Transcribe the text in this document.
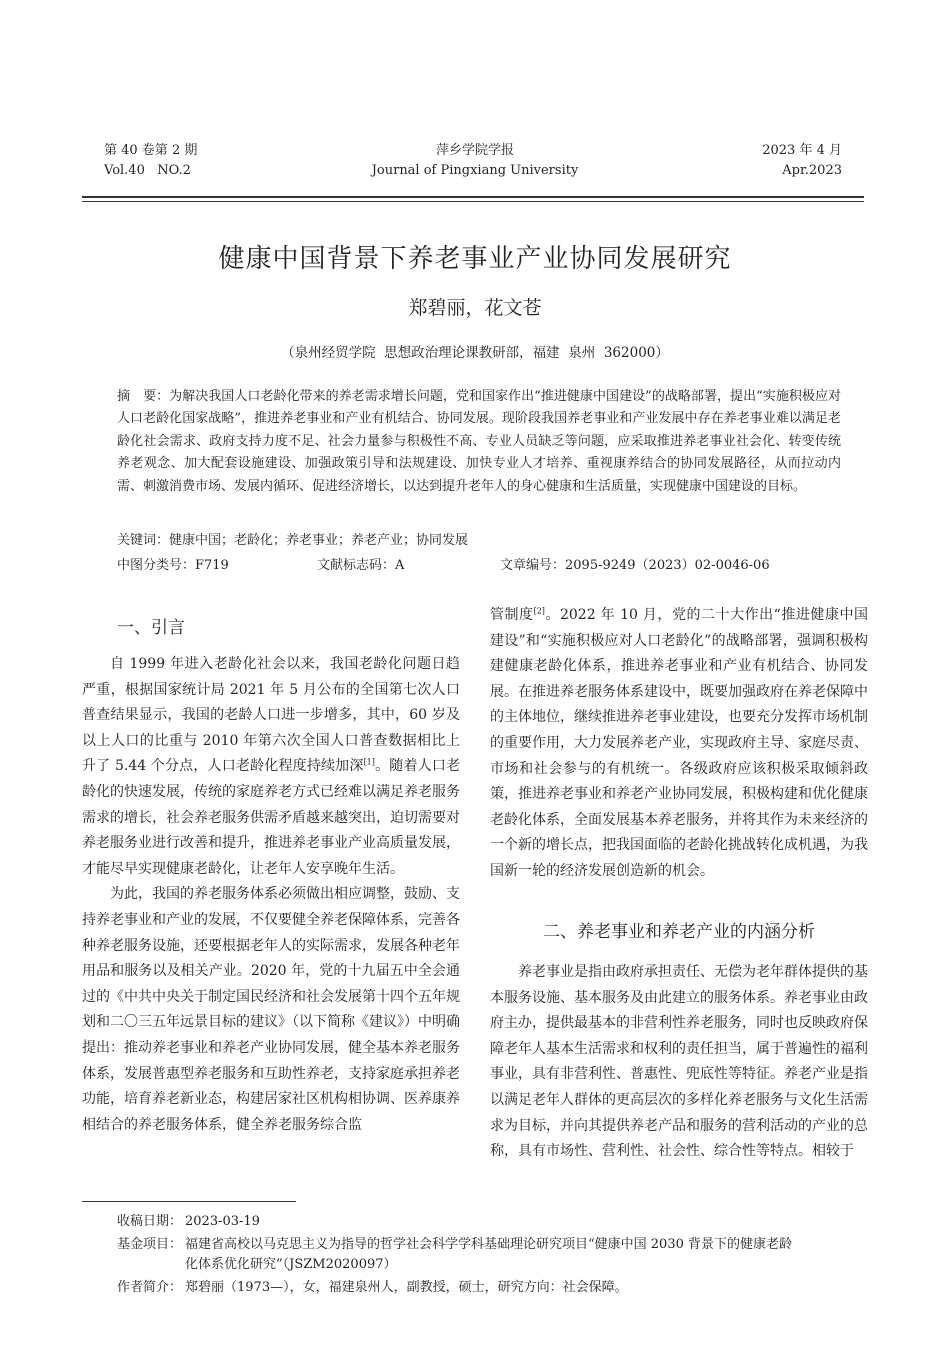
第 40 卷第 2 期
Vol.40   NO.2
萍乡学院学报
Journal of Pingxiang University
2023 年 4 月
Apr.2023
健康中国背景下养老事业产业协同发展研究
郑碧丽，花文苍
（泉州经贸学院  思想政治理论课教研部，福建  泉州  362000）

摘　要：为解决我国人口老龄化带来的养老需求增长问题，党和国家作出“推进健康中国建设”的战略部署，提出“实施积极应对人口老龄化国家战略”，推进养老事业和产业有机结合、协同发展。现阶段我国养老事业和产业发展中存在养老事业难以满足老龄化社会需求、政府支持力度不足、社会力量参与积极性不高、专业人员缺乏等问题，应采取推进养老事业社会化、转变传统养老观念、加大配套设施建设、加强政策引导和法规建设、加快专业人才培养、重视康养结合的协同发展路径，从而拉动内需、刺激消费市场、发展内循环、促进经济增长，以达到提升老年人的身心健康和生活质量，实现健康中国建设的目标。

关键词：健康中国；老龄化；养老事业；养老产业；协同发展
中图分类号：F719	文献标志码：A	文章编号：2095-9249（2023）02-0046-06
一、引言

自 1999 年进入老龄化社会以来，我国老龄化问题日趋严重，根据国家统计局 2021 年 5 月公布的全国第七次人口普查结果显示，我国的老龄人口进一步增多，其中，60 岁及以上人口的比重与 2010 年第六次全国人口普查数据相比上升了 5.44 个分点，人口老龄化程度持续加深[1]。随着人口老龄化的快速发展，传统的家庭养老方式已经难以满足养老服务需求的增长，社会养老服务供需矛盾越来越突出，迫切需要对养老服务业进行改善和提升，推进养老事业产业高质量发展，才能尽早实现健康老龄化，让老年人安享晚年生活。

为此，我国的养老服务体系必须做出相应调整，鼓励、支持养老事业和产业的发展，不仅要健全养老保障体系，完善各种养老服务设施，还要根据老年人的实际需求，发展各种老年用品和服务以及相关产业。2020 年，党的十九届五中全会通过的《中共中央关于制定国民经济和社会发展第十四个五年规划和二〇三五年远景目标的建议》（以下简称《建议》）中明确提出：推动养老事业和养老产业协同发展，健全基本养老服务体系，发展普惠型养老服务和互助性养老，支持家庭承担养老功能，培育养老新业态，构建居家社区机构相协调、医养康养相结合的养老服务体系，健全养老服务综合监

管制度[2]。2022 年 10 月，党的二十大作出“推进健康中国建设”和“实施积极应对人口老龄化”的战略部署，强调积极构建健康老龄化体系，推进养老事业和产业有机结合、协同发展。在推进养老服务体系建设中，既要加强政府在养老保障中的主体地位，继续推进养老事业建设，也要充分发挥市场机制的重要作用，大力发展养老产业，实现政府主导、家庭尽责、市场和社会参与的有机统一。各级政府应该积极采取倾斜政策，推进养老事业和养老产业协同发展，积极构建和优化健康老龄化体系，全面发展基本养老服务，并将其作为未来经济的一个新的增长点，把我国面临的老龄化挑战转化成机遇，为我国新一轮的经济发展创造新的机会。

二、养老事业和养老产业的内涵分析

养老事业是指由政府承担责任、无偿为老年群体提供的基本服务设施、基本服务及由此建立的服务体系。养老事业由政府主办，提供最基本的非营利性养老服务，同时也反映政府保障老年人基本生活需求和权利的责任担当，属于普遍性的福利事业，具有非营利性、普惠性、兜底性等特征。养老产业是指以满足老年人群体的更高层次的多样化养老服务与文化生活需求为目标，并向其提供养老产品和服务的营利活动的产业的总称，具有市场性、营利性、社会性、综合性等特点。相较于

收稿日期： 2023-03-19
基金项目： 福建省高校以马克思主义为指导的哲学社会科学学科基础理论研究项目“健康中国 2030 背景下的健康老龄
化体系优化研究”（JSZM2020097）
作者简介： 郑碧丽（1973—），女，福建泉州人，副教授，硕士，研究方向：社会保障。
